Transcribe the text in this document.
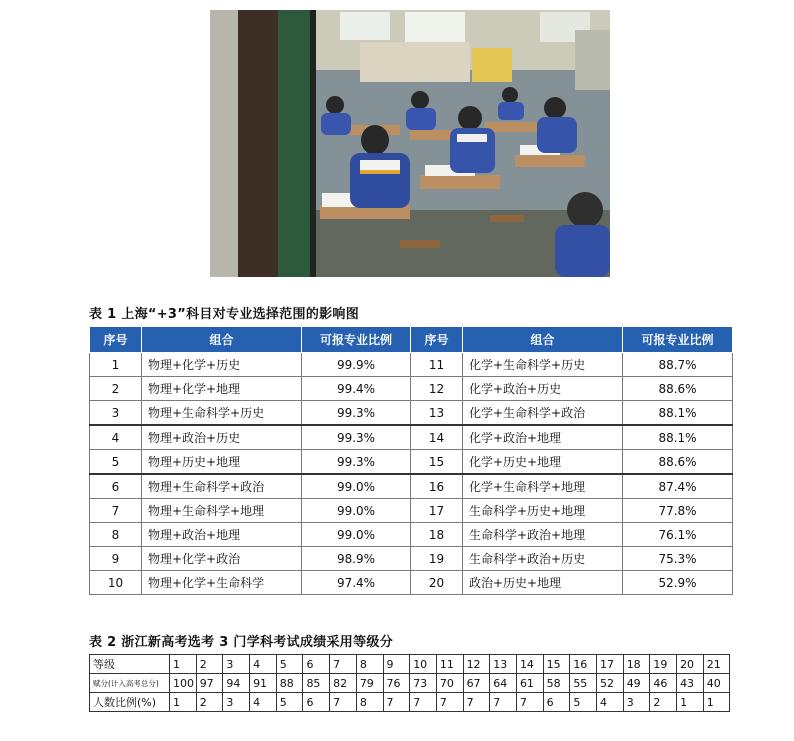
表 1 上海“+3”科目对专业选择范围的影响图
序号	组合	可报专业比例	序号	组合	可报专业比例
1	物理+化学+历史	99.9%	11	化学+生命科学+历史	88.7%
2	物理+化学+地理	99.4%	12	化学+政治+历史	88.6%
3	物理+生命科学+历史	99.3%	13	化学+生命科学+政治	88.1%
4	物理+政治+历史	99.3%	14	化学+政治+地理	88.1%
5	物理+历史+地理	99.3%	15	化学+历史+地理	88.6%
6	物理+生命科学+政治	99.0%	16	化学+生命科学+地理	87.4%
7	物理+生命科学+地理	99.0%	17	生命科学+历史+地理	77.8%
8	物理+政治+地理	99.0%	18	生命科学+政治+地理	76.1%
9	物理+化学+政治	98.9%	19	生命科学+政治+历史	75.3%
10	物理+化学+生命科学	97.4%	20	政治+历史+地理	52.9%
表 2 浙江新高考选考 3 门学科考试成绩采用等级分
等级	1	2	3	4	5	6	7	8	9	10	11	12	13	14	15	16	17	18	19	20	21
赋分(计入高考总分)	100	97	94	91	88	85	82	79	76	73	70	67	64	61	58	55	52	49	46	43	40
人数比例(%)	1	2	3	4	5	6	7	8	7	7	7	7	7	7	6	5	4	3	2	1	1
